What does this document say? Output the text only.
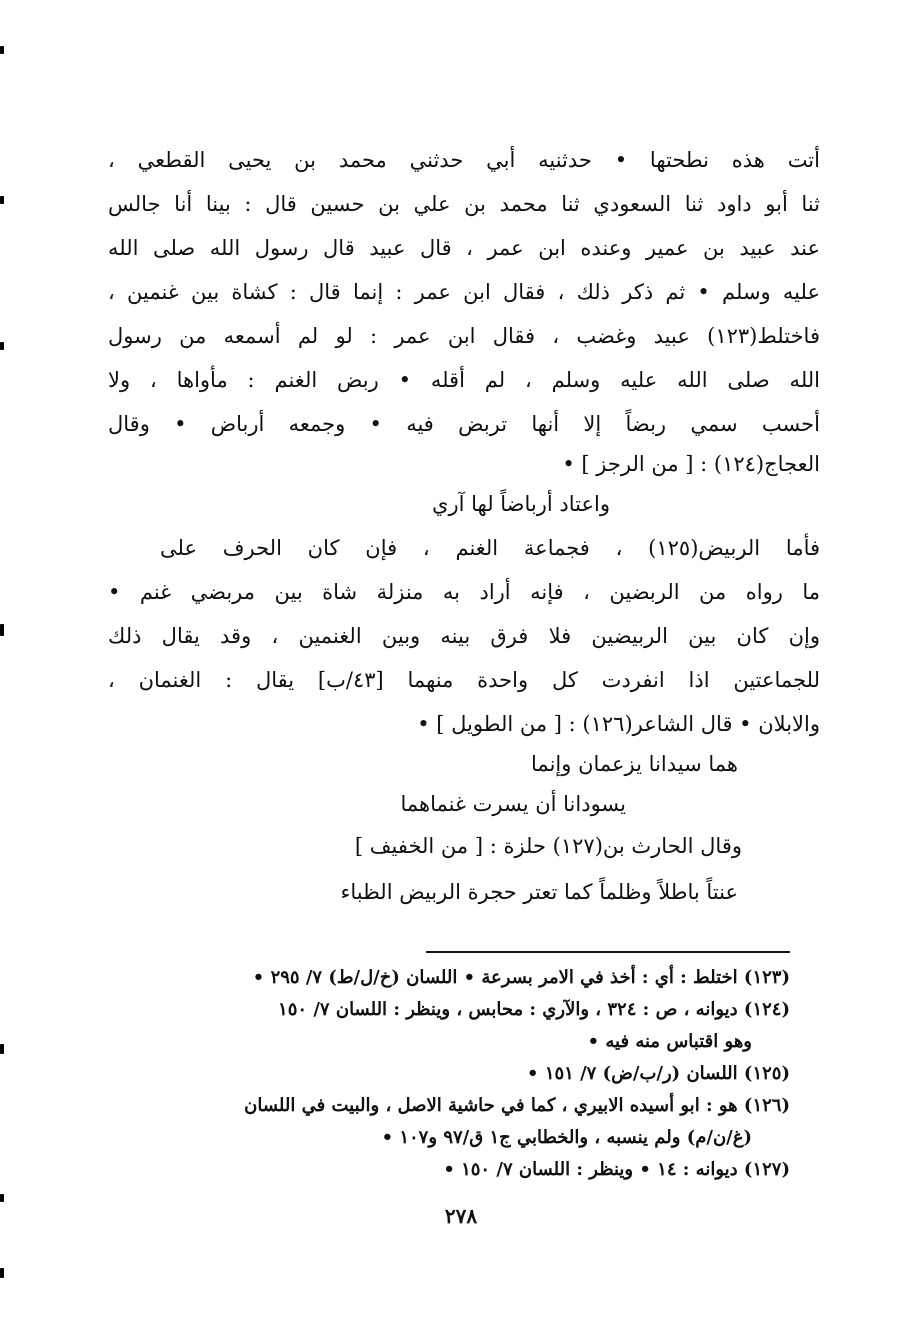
أتت هذه نطحتها • حدثنيه أبي حدثني محمد بن يحيى القطعي ،
ثنا أبو داود ثنا السعودي ثنا محمد بن علي بن حسين قال : بينا أنا جالس
عند عبيد بن عمير وعنده ابن عمر ، قال عبيد قال رسول الله صلى الله
عليه وسلم • ثم ذكر ذلك ، فقال ابن عمر : إنما قال : كشاة بين غنمين ،
فاختلط(١٢٣) عبيد وغضب ، فقال ابن عمر : لو لم أسمعه من رسول
الله صلى الله عليه وسلم ، لم أقله • ربض الغنم : مأواها ، ولا
أحسب سمي ربضاً إلا أنها تربض فيه • وجمعه أرباض • وقال
العجاج(١٢٤) : [ من الرجز ] •
واعتاد أرباضاً لها آري
فأما الربيض(١٢٥) ، فجماعة الغنم ، فإن كان الحرف على
ما رواه من الربضين ، فإنه أراد به منزلة شاة بين مربضي غنم •
وإن كان بين الربيضين فلا فرق بينه وبين الغنمين ، وقد يقال ذلك
للجماعتين اذا انفردت كل واحدة منهما [٤٣/ب] يقال : الغنمان ،
والابلان • قال الشاعر(١٢٦) : [ من الطويل ] •
هما سيدانا يزعمان وإنما
يسودانا أن يسرت غنماهما
وقال الحارث بن(١٢٧) حلزة : [ من الخفيف ]
عنتاً باطلاً وظلماً كما تعتر حجرة الربيض الظباء
(١٢٣) اختلط : أي : أخذ في الامر بسرعة • اللسان (خ/ل/ط) ٧/ ٢٩٥ •
(١٢٤) ديوانه ، ص : ٣٢٤ ، والآري : محابس ، وينظر : اللسان ٧/ ١٥٠
وهو اقتباس منه فيه •
(١٢٥) اللسان (ر/ب/ض) ٧/ ١٥١ •
(١٢٦) هو : ابو أسيده الابيري ، كما في حاشية الاصل ، والبيت في اللسان
(غ/ن/م) ولم ينسبه ، والخطابي ج١ ق/٩٧ و١٠٧ •
(١٢٧) ديوانه : ١٤ • وينظر : اللسان ٧/ ١٥٠ •
٢٧٨
